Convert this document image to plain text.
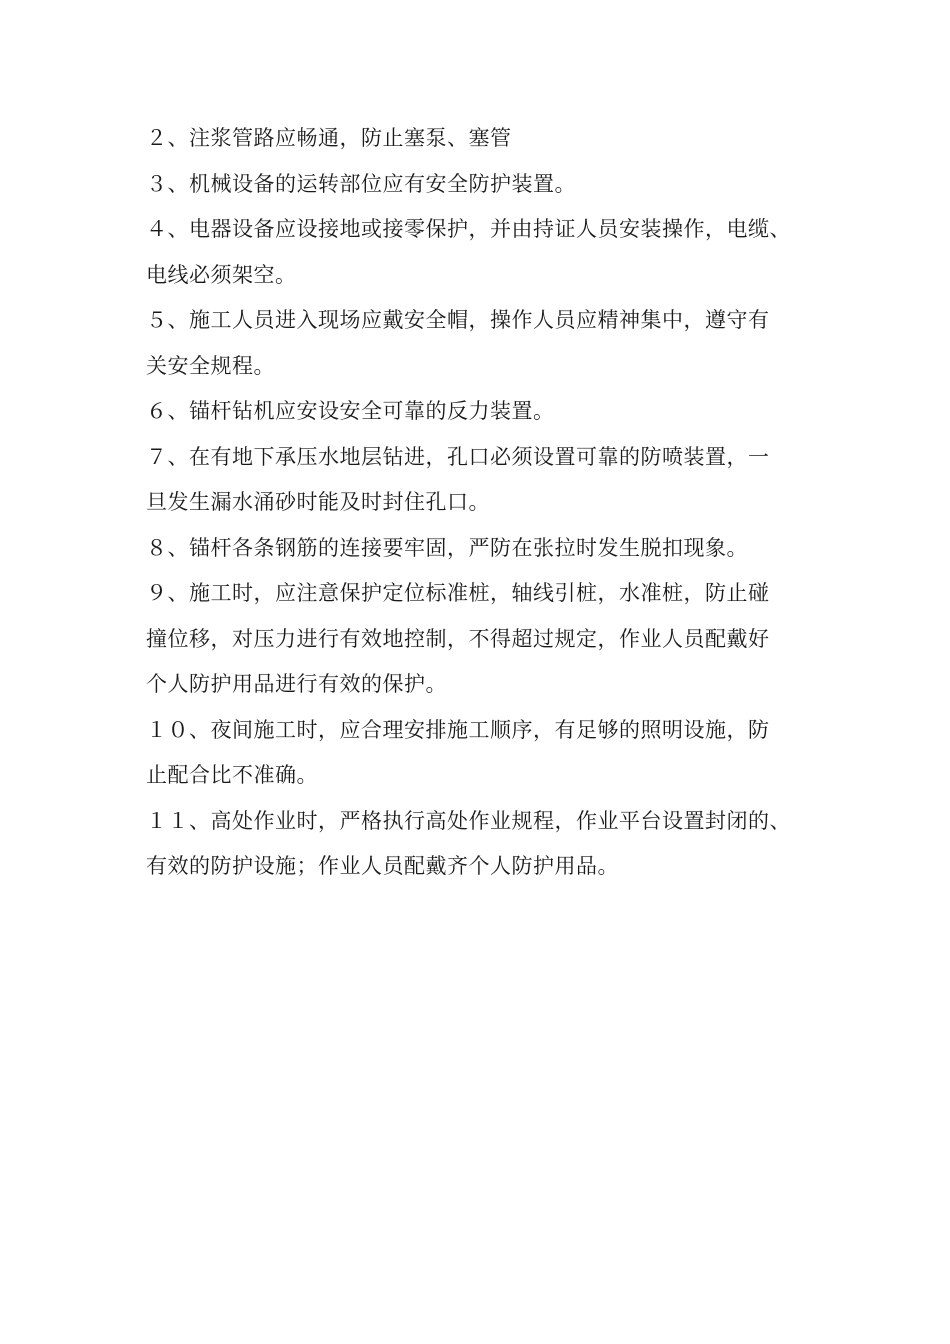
２、注浆管路应畅通，防止塞泵、塞管
３、机械设备的运转部位应有安全防护装置。
４、电器设备应设接地或接零保护，并由持证人员安装操作，电缆、
电线必须架空。
５、施工人员进入现场应戴安全帽，操作人员应精神集中，遵守有
关安全规程。
６、锚杆钻机应安设安全可靠的反力装置。
７、在有地下承压水地层钻进，孔口必须设置可靠的防喷装置，一
旦发生漏水涌砂时能及时封住孔口。
８、锚杆各条钢筋的连接要牢固，严防在张拉时发生脱扣现象。
９、施工时，应注意保护定位标准桩，轴线引桩，水准桩，防止碰
撞位移，对压力进行有效地控制，不得超过规定，作业人员配戴好
个人防护用品进行有效的保护。
１０、夜间施工时，应合理安排施工顺序，有足够的照明设施，防
止配合比不准确。
１１、高处作业时，严格执行高处作业规程，作业平台设置封闭的、
有效的防护设施；作业人员配戴齐个人防护用品。
